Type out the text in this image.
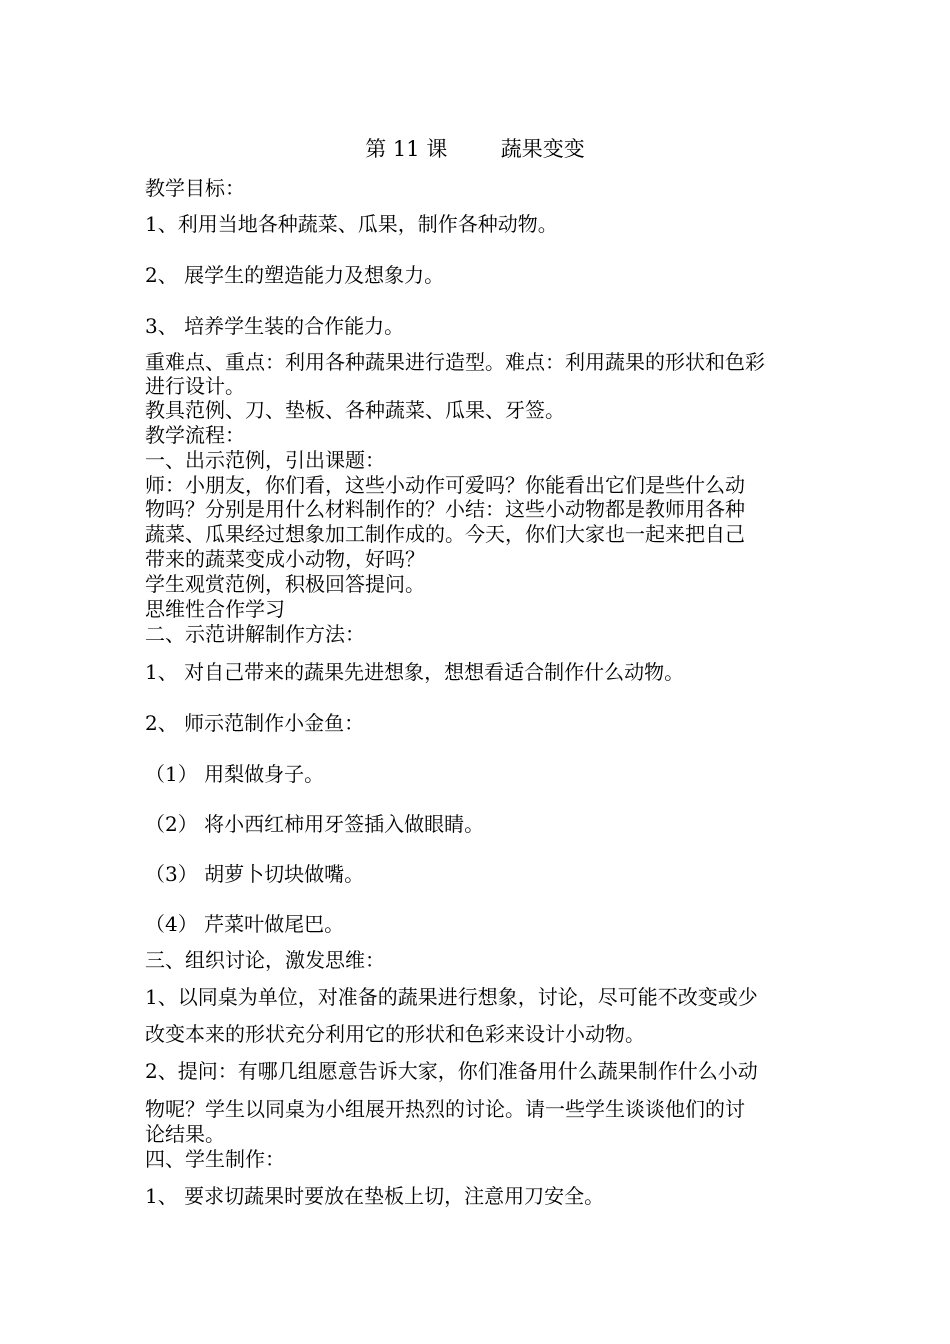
第 11 课        蔬果变变
教学目标：
1、利用当地各种蔬菜、瓜果，制作各种动物。
2、 展学生的塑造能力及想象力。
3、 培养学生装的合作能力。
重难点、重点：利用各种蔬果进行造型。难点：利用蔬果的形状和色彩
进行设计。
教具范例、刀、垫板、各种蔬菜、瓜果、牙签。
教学流程：
一、出示范例，引出课题：
师：小朋友，你们看，这些小动作可爱吗？你能看出它们是些什么动
物吗？分别是用什么材料制作的？小结：这些小动物都是教师用各种
蔬菜、瓜果经过想象加工制作成的。今天，你们大家也一起来把自己
带来的蔬菜变成小动物，好吗？
学生观赏范例，积极回答提问。
思维性合作学习
二、示范讲解制作方法：
1、 对自己带来的蔬果先进想象，想想看适合制作什么动物。
2、 师示范制作小金鱼：
（1） 用梨做身子。
（2） 将小西红柿用牙签插入做眼睛。
（3） 胡萝卜切块做嘴。
（4） 芹菜叶做尾巴。
三、组织讨论，激发思维：
1、以同桌为单位，对准备的蔬果进行想象，讨论，尽可能不改变或少
改变本来的形状充分利用它的形状和色彩来设计小动物。
2、提问：有哪几组愿意告诉大家，你们准备用什么蔬果制作什么小动
物呢？学生以同桌为小组展开热烈的讨论。请一些学生谈谈他们的讨
论结果。
四、学生制作：
1、 要求切蔬果时要放在垫板上切，注意用刀安全。
